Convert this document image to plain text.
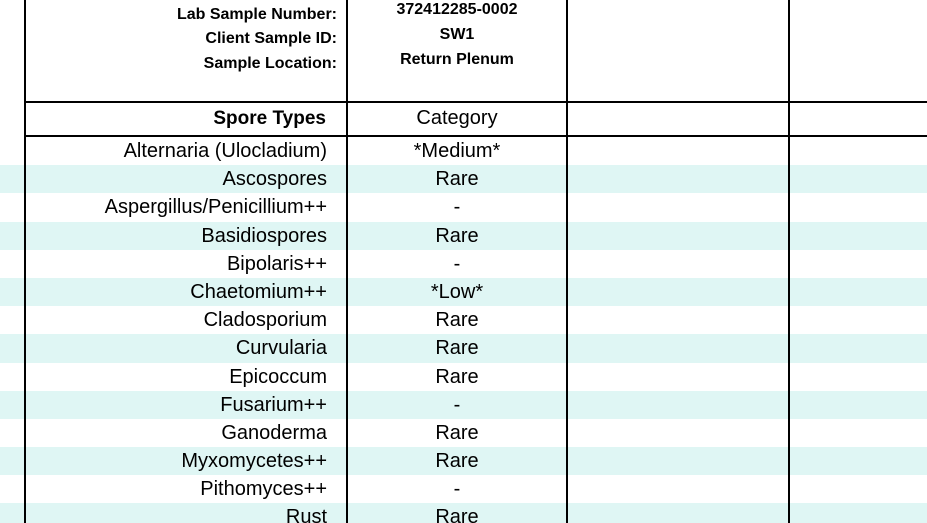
Lab Sample Number:	372412285-0002
Client Sample ID:	SW1
Sample Location:	Return Plenum
Spore Types	Category
Alternaria (Ulocladium)	*Medium*
Ascospores	Rare
Aspergillus/Penicillium++	-
Basidiospores	Rare
Bipolaris++	-
Chaetomium++	*Low*
Cladosporium	Rare
Curvularia	Rare
Epicoccum	Rare
Fusarium++	-
Ganoderma	Rare
Myxomycetes++	Rare
Pithomyces++	-
Rust	Rare
